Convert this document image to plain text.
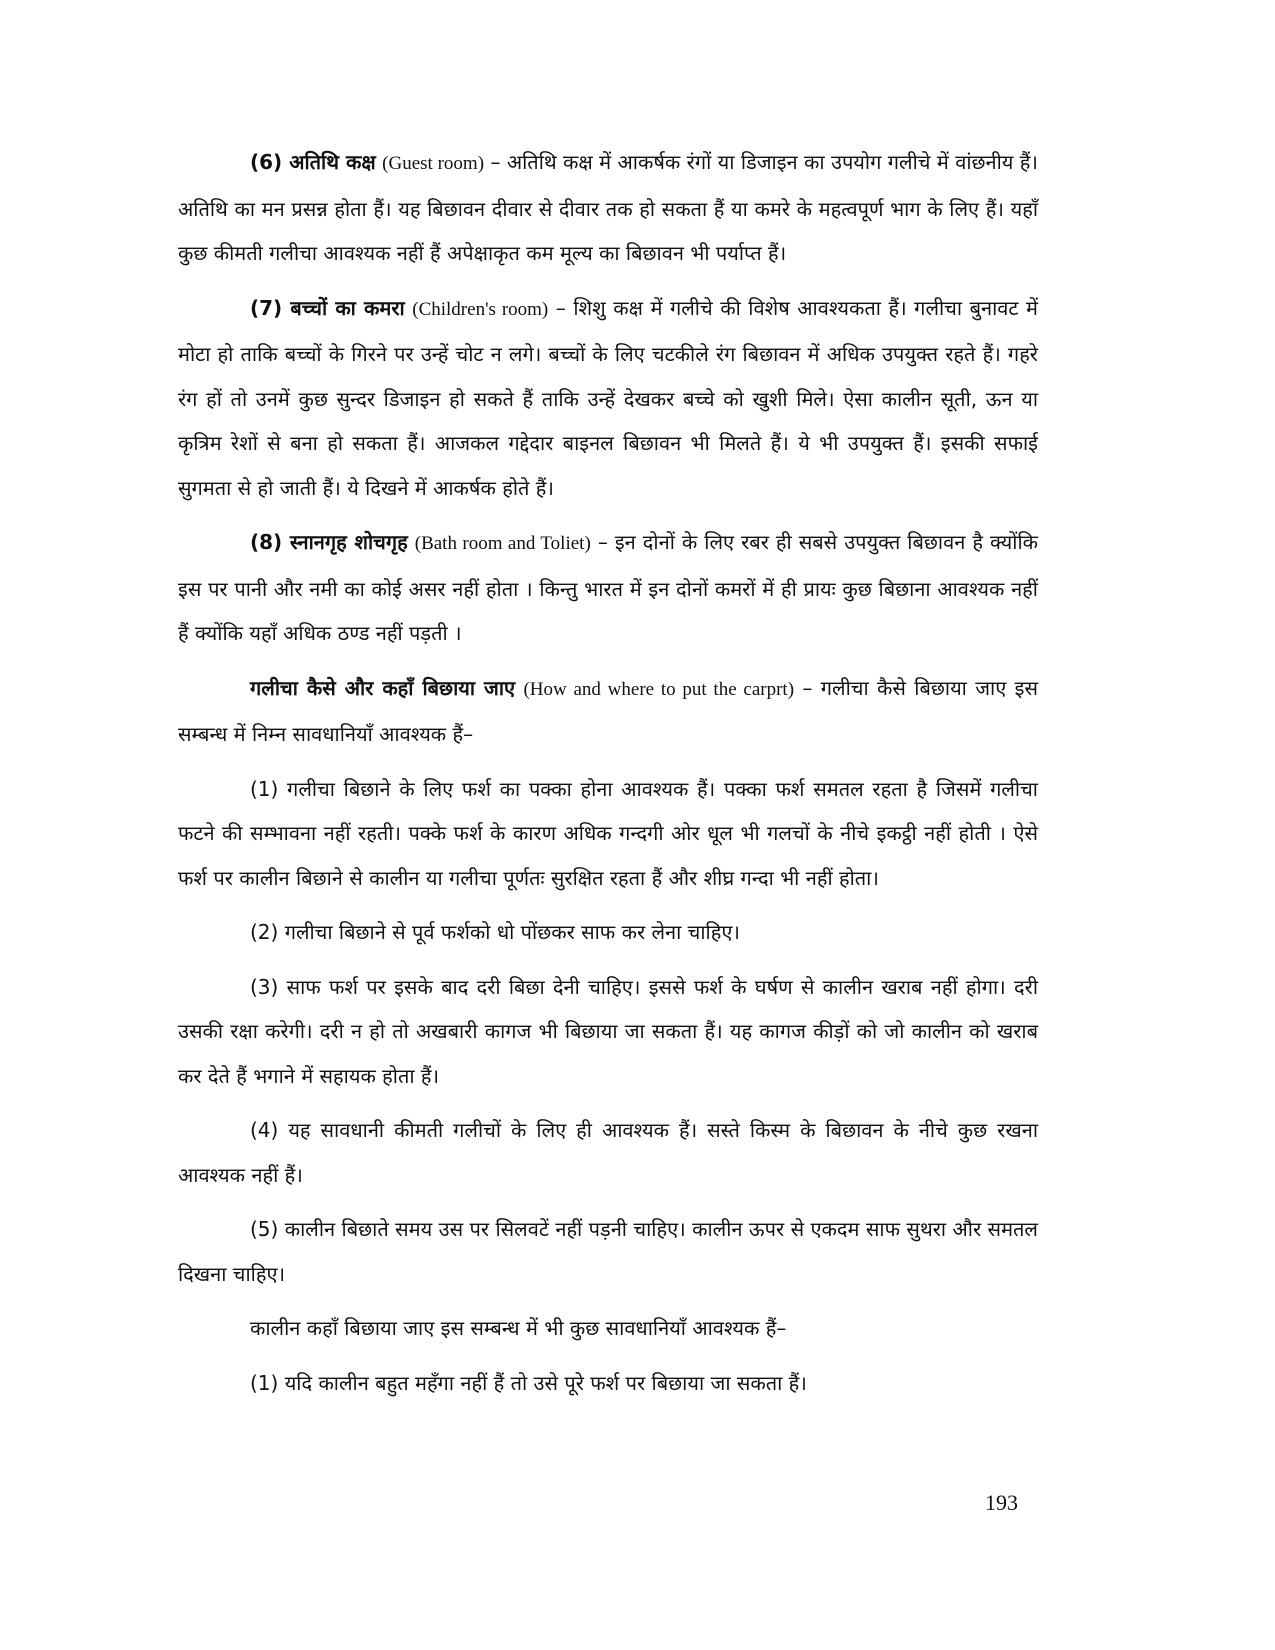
(6) अतिथि कक्ष (Guest room) – अतिथि कक्ष में आकर्षक रंगों या डिजाइन का उपयोग गलीचे में वांछनीय हैं। अतिथि का मन प्रसन्न होता हैं। यह बिछावन दीवार से दीवार तक हो सकता हैं या कमरे के महत्वपूर्ण भाग के लिए हैं। यहाँ कुछ कीमती गलीचा आवश्यक नहीं हैं अपेक्षाकृत कम मूल्य का बिछावन भी पर्याप्त हैं।

(7) बच्चों का कमरा (Children's room) – शिशु कक्ष में गलीचे की विशेष आवश्यकता हैं। गलीचा बुनावट में मोटा हो ताकि बच्चों के गिरने पर उन्हें चोट न लगे। बच्चों के लिए चटकीले रंग बिछावन में अधिक उपयुक्त रहते हैं। गहरे रंग हों तो उनमें कुछ सुन्दर डिजाइन हो सकते हैं ताकि उन्हें देखकर बच्चे को खुशी मिले। ऐसा कालीन सूती, ऊन या कृत्रिम रेशों से बना हो सकता हैं। आजकल गद्देदार बाइनल बिछावन भी मिलते हैं। ये भी उपयुक्त हैं। इसकी सफाई सुगमता से हो जाती हैं। ये दिखने में आकर्षक होते हैं।

(8) स्नानगृह शोचगृह (Bath room and Toliet) – इन दोनों के लिए रबर ही सबसे उपयुक्त बिछावन है क्योंकि इस पर पानी और नमी का कोई असर नहीं होता । किन्तु भारत में इन दोनों कमरों में ही प्रायः कुछ बिछाना आवश्यक नहीं हैं क्योंकि यहाँ अधिक ठण्ड नहीं पड़ती ।

गलीचा कैसे और कहाँ बिछाया जाए (How and where to put the carprt) – गलीचा कैसे बिछाया जाए इस सम्बन्ध में निम्न सावधानियाँ आवश्यक हैं–

(1) गलीचा बिछाने के लिए फर्श का पक्का होना आवश्यक हैं। पक्का फर्श समतल रहता है जिसमें गलीचा फटने की सम्भावना नहीं रहती। पक्के फर्श के कारण अधिक गन्दगी ओर धूल भी गलचों के नीचे इकट्ठी नहीं होती । ऐसे फर्श पर कालीन बिछाने से कालीन या गलीचा पूर्णतः सुरक्षित रहता हैं और शीघ्र गन्दा भी नहीं होता।

(2) गलीचा बिछाने से पूर्व फर्शको धो पोंछकर साफ कर लेना चाहिए।

(3) साफ फर्श पर इसके बाद दरी बिछा देनी चाहिए। इससे फर्श के घर्षण से कालीन खराब नहीं होगा। दरी उसकी रक्षा करेगी। दरी न हो तो अखबारी कागज भी बिछाया जा सकता हैं। यह कागज कीड़ों को जो कालीन को खराब कर देते हैं भगाने में सहायक होता हैं।

(4) यह सावधानी कीमती गलीचों के लिए ही आवश्यक हैं। सस्ते किस्म के बिछावन के नीचे कुछ रखना आवश्यक नहीं हैं।

(5) कालीन बिछाते समय उस पर सिलवटें नहीं पड़नी चाहिए। कालीन ऊपर से एकदम साफ सुथरा और समतल दिखना चाहिए।

कालीन कहाँ बिछाया जाए इस सम्बन्ध में भी कुछ सावधानियाँ आवश्यक हैं–

(1) यदि कालीन बहुत महँगा नहीं हैं तो उसे पूरे फर्श पर बिछाया जा सकता हैं।

193
